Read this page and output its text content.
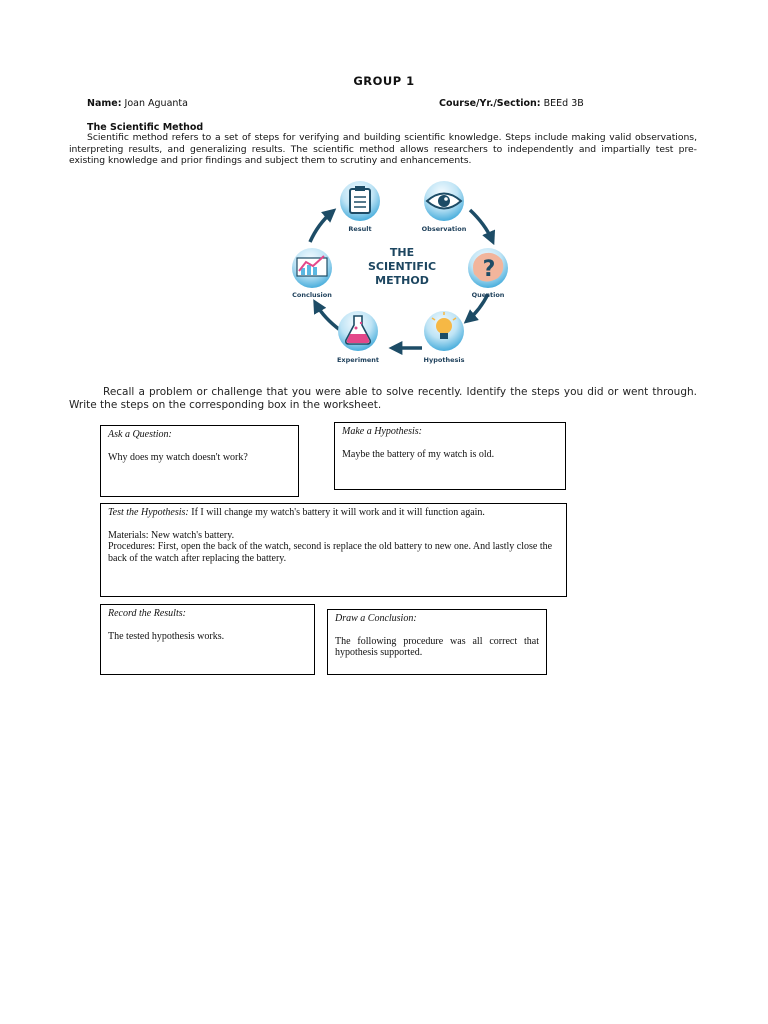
GROUP 1
Name: Joan Aguanta	Course/Yr./Section: BEEd 3B
The Scientific Method
Scientific method refers to a set of steps for verifying and building scientific knowledge. Steps include making valid observations, interpreting results, and generalizing results. The scientific method allows researchers to independently and impartially test pre-existing knowledge and prior findings and subject them to scrutiny and enhancements.
Result	Observation
?
Question
Hypothesis
Experiment
Conclusion
THE
SCIENTIFIC
METHOD
Recall a problem or challenge that you were able to solve recently. Identify the steps you did or went through. Write the steps on the corresponding box in the worksheet.
Ask a Question:

Why does my watch doesn't work?

Make a Hypothesis:

Maybe the battery of my watch is old.

Test the Hypothesis: If I will change my watch's battery it will work and it will function again.

Materials: New watch's battery.

Procedures: First, open the back of the watch, second is replace the old battery to new one. And lastly close the back of the watch after replacing the battery.

Record the Results:

The tested hypothesis works.

Draw a Conclusion:

The following procedure was all correct that hypothesis supported.
